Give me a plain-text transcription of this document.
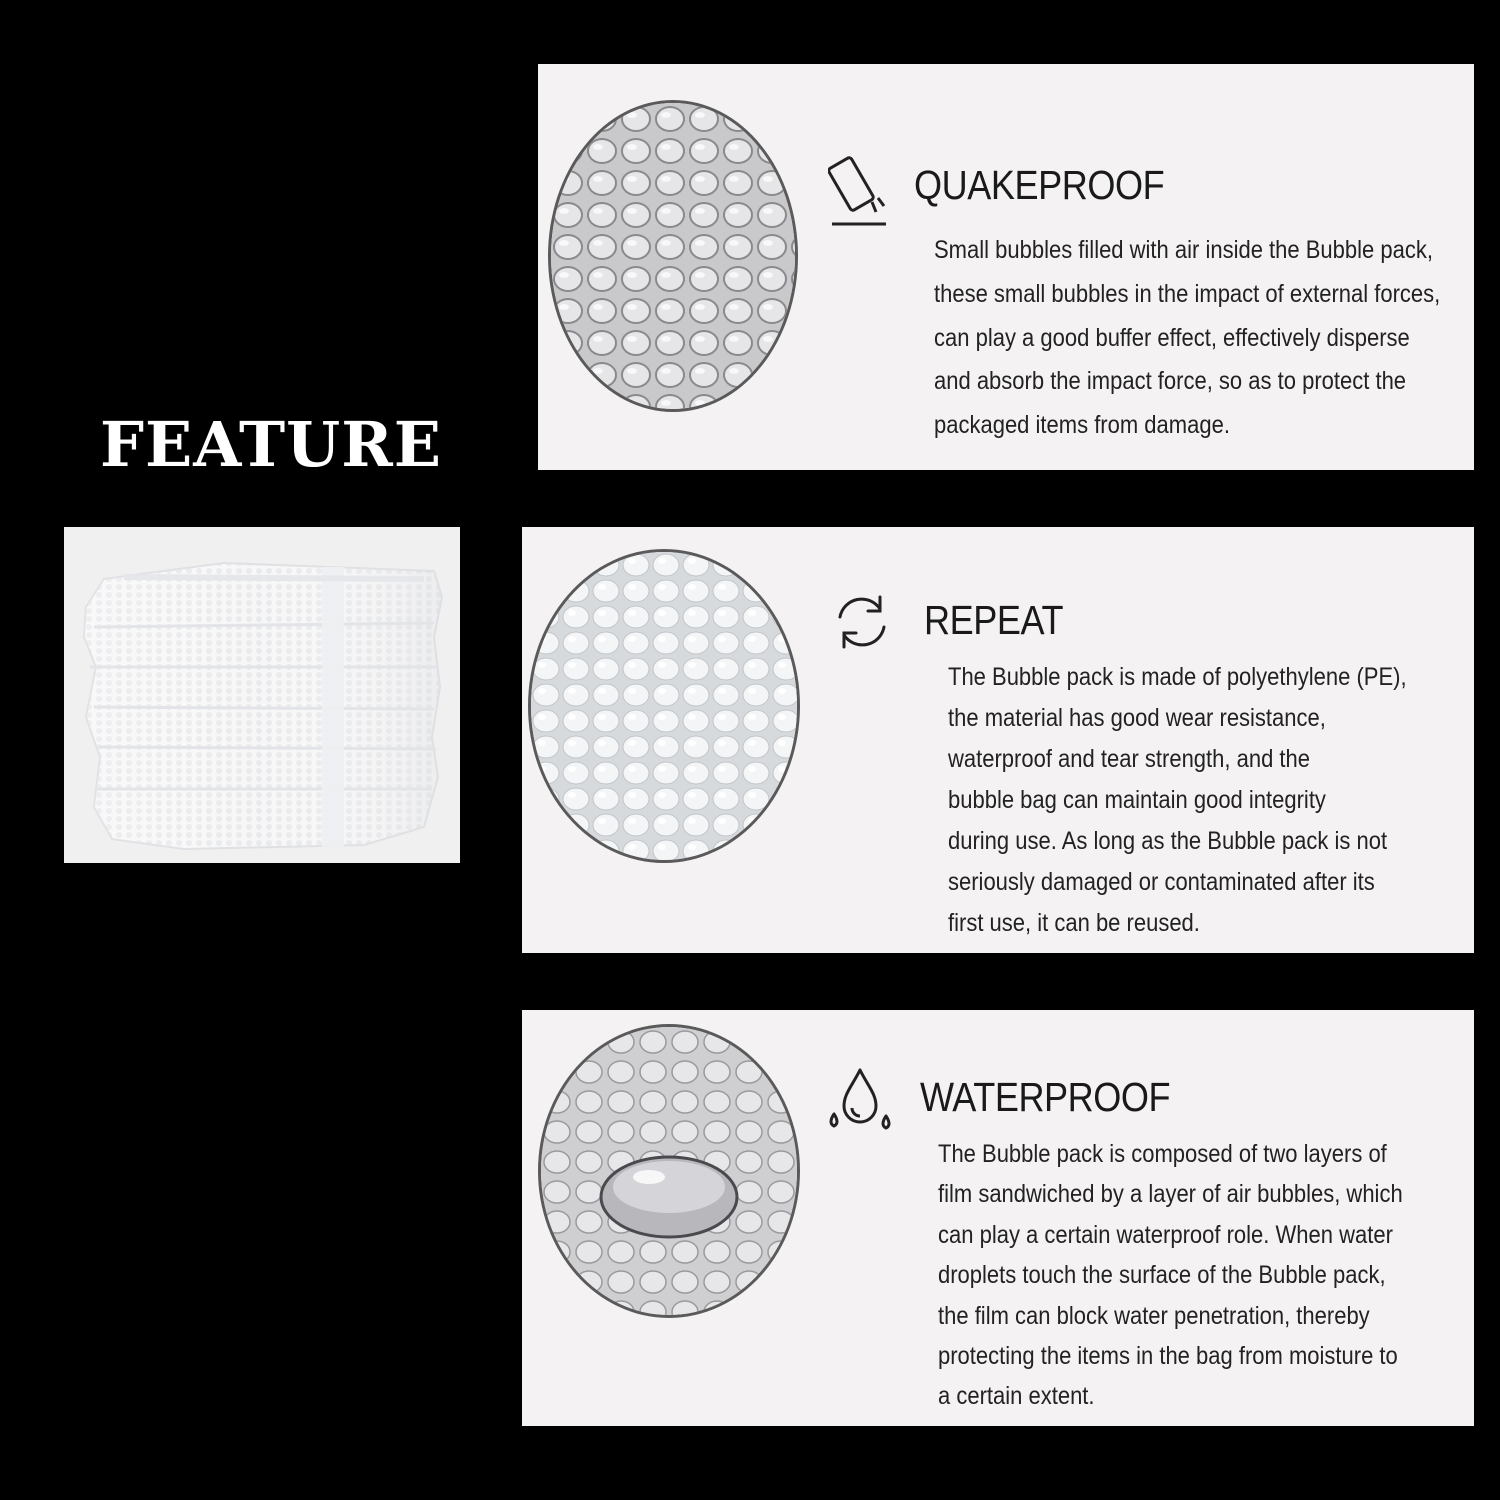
FEATURE
QUAKEPROOF
Small bubbles filled with air inside the Bubble pack,
these small bubbles in the impact of external forces,
can play a good buffer effect, effectively disperse
and absorb the impact force, so as to protect the
packaged items from damage.
REPEAT
The Bubble pack is made of polyethylene (PE),
the material has good wear resistance,
waterproof and tear strength, and the
bubble bag can maintain good integrity
during use. As long as the Bubble pack is not
seriously damaged or contaminated after its
first use, it can be reused.
WATERPROOF
The Bubble pack is composed of two layers of
film sandwiched by a layer of air bubbles, which
can play a certain waterproof role. When water
droplets touch the surface of the Bubble pack,
the film can block water penetration, thereby
protecting the items in the bag from moisture to
a certain extent.
